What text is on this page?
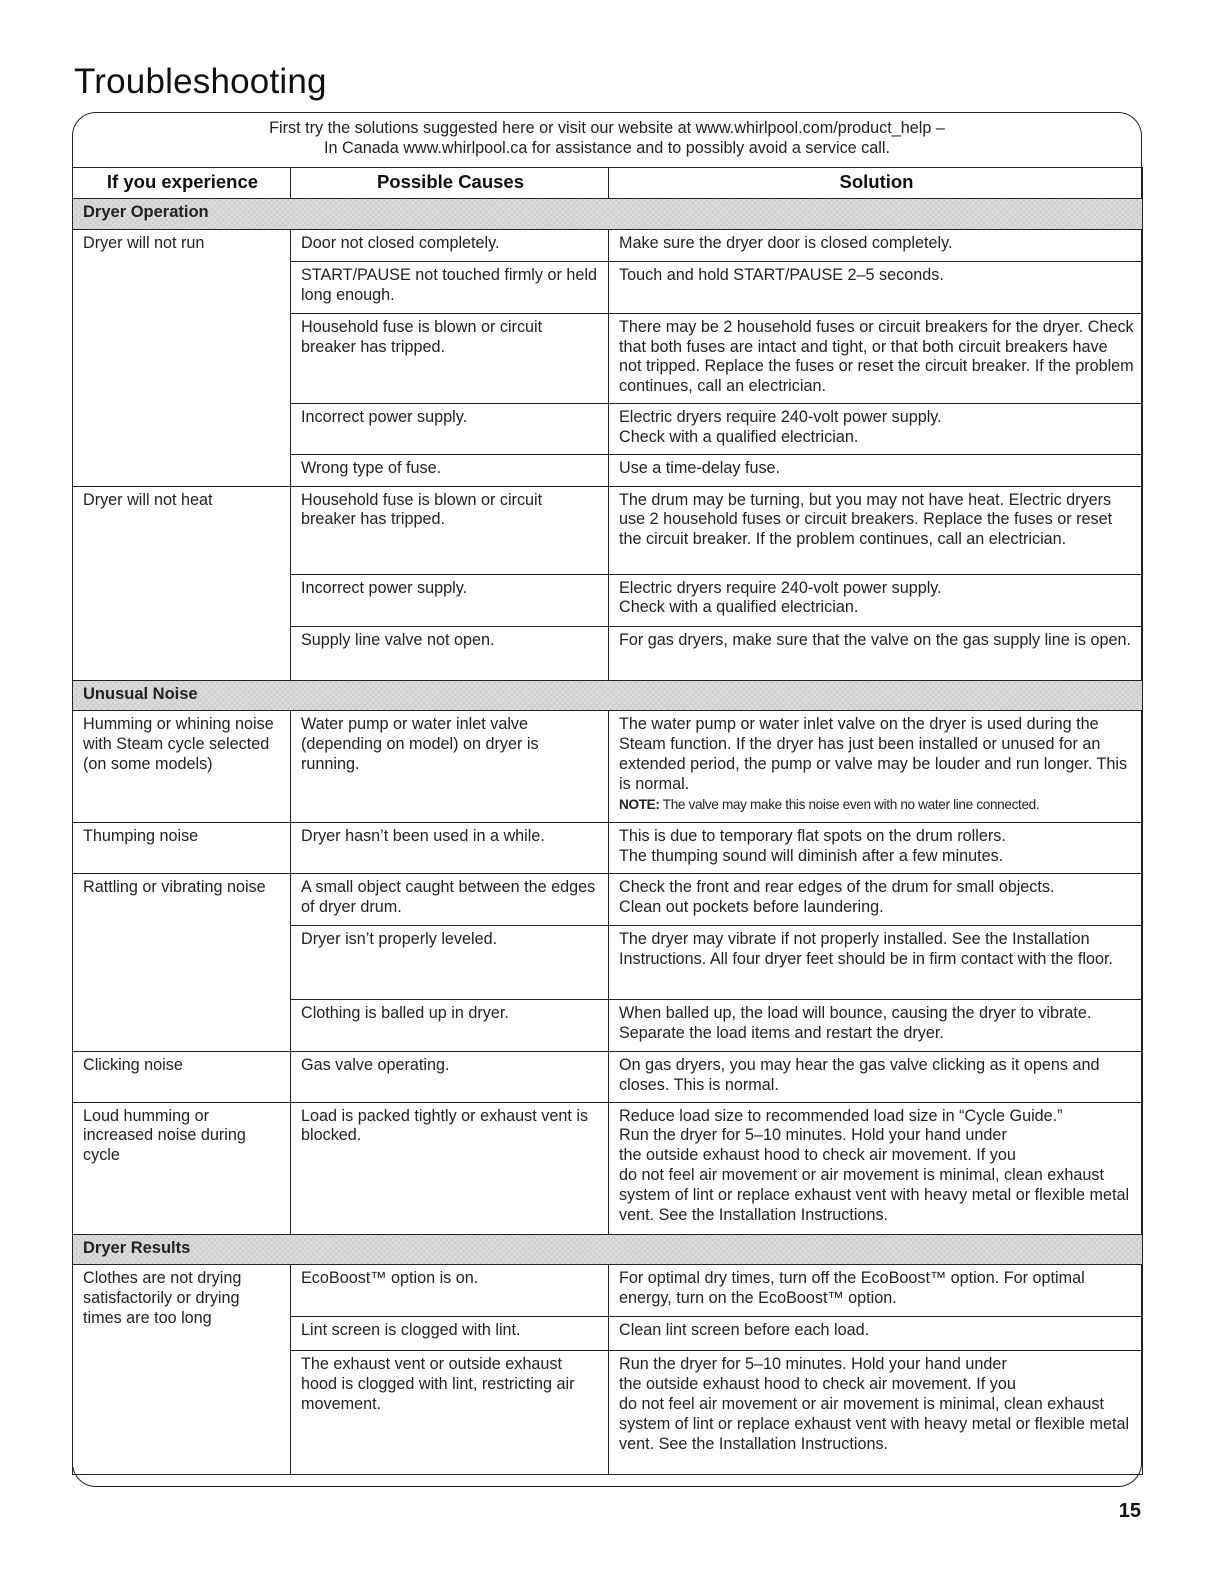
Troubleshooting
First try the solutions suggested here or visit our website at www.whirlpool.com/product_help –
In Canada www.whirlpool.ca for assistance and to possibly avoid a service call.
If you experience	Possible Causes	Solution
Dryer Operation		
Dryer will not run	Door not closed completely.	Make sure the dryer door is closed completely.
	START/PAUSE not touched firmly or held long enough.	Touch and hold START/PAUSE 2–5 seconds.
	Household fuse is blown or circuit breaker has tripped.	There may be 2 household fuses or circuit breakers for the dryer. Check that both fuses are intact and tight, or that both circuit breakers have not tripped. Replace the fuses or reset the circuit breaker. If the problem continues, call an electrician.
	Incorrect power supply.	Electric dryers require 240-volt power supply.
Check with a qualified electrician.

	Wrong type of fuse.	Use a time-delay fuse.
Dryer will not heat	Household fuse is blown or circuit breaker has tripped.	The drum may be turning, but you may not have heat. Electric dryers use 2 household fuses or circuit breakers. Replace the fuses or reset the circuit breaker. If the problem continues, call an electrician.
	Incorrect power supply.	Electric dryers require 240-volt power supply.
Check with a qualified electrician.

	Supply line valve not open.	For gas dryers, make sure that the valve on the gas supply line is open.
Unusual Noise		
Humming or whining noise with Steam cycle selected (on some models)	Water pump or water inlet valve (depending on model) on dryer is running.	The water pump or water inlet valve on the dryer is used during the Steam function. If the dryer has just been installed or unused for an extended period, the pump or valve may be louder and run longer. This is normal.
NOTE: The valve may make this noise even with no water line connected.

Thumping noise	Dryer hasn’t been used in a while.	This is due to temporary flat spots on the drum rollers.
The thumping sound will diminish after a few minutes.

Rattling or vibrating noise	A small object caught between the edges of dryer drum.	Check the front and rear edges of the drum for small objects.
Clean out pockets before laundering.

	Dryer isn’t properly leveled.	The dryer may vibrate if not properly installed. See the Installation Instructions. All four dryer feet should be in firm contact with the floor.
	Clothing is balled up in dryer.	When balled up, the load will bounce, causing the dryer to vibrate. Separate the load items and restart the dryer.
Clicking noise	Gas valve operating.	On gas dryers, you may hear the gas valve clicking as it opens and closes. This is normal.
Loud humming or increased noise during cycle	Load is packed tightly or exhaust vent is blocked.	Reduce load size to recommended load size in “Cycle Guide.”
Run the dryer for 5–10 minutes. Hold your hand under
the outside exhaust hood to check air movement. If you
do not feel air movement or air movement is minimal, clean exhaust system of lint or replace exhaust vent with heavy metal or flexible metal vent. See the Installation Instructions.

Dryer Results		
Clothes are not drying satisfactorily or drying times are too long	EcoBoost™ option is on.	For optimal dry times, turn off the EcoBoost™ option. For optimal energy, turn on the EcoBoost™ option.
	Lint screen is clogged with lint.	Clean lint screen before each load.
	The exhaust vent or outside exhaust hood is clogged with lint, restricting air movement.	Run the dryer for 5–10 minutes. Hold your hand under
the outside exhaust hood to check air movement. If you
do not feel air movement or air movement is minimal, clean exhaust system of lint or replace exhaust vent with heavy metal or flexible metal vent. See the Installation Instructions.
15
